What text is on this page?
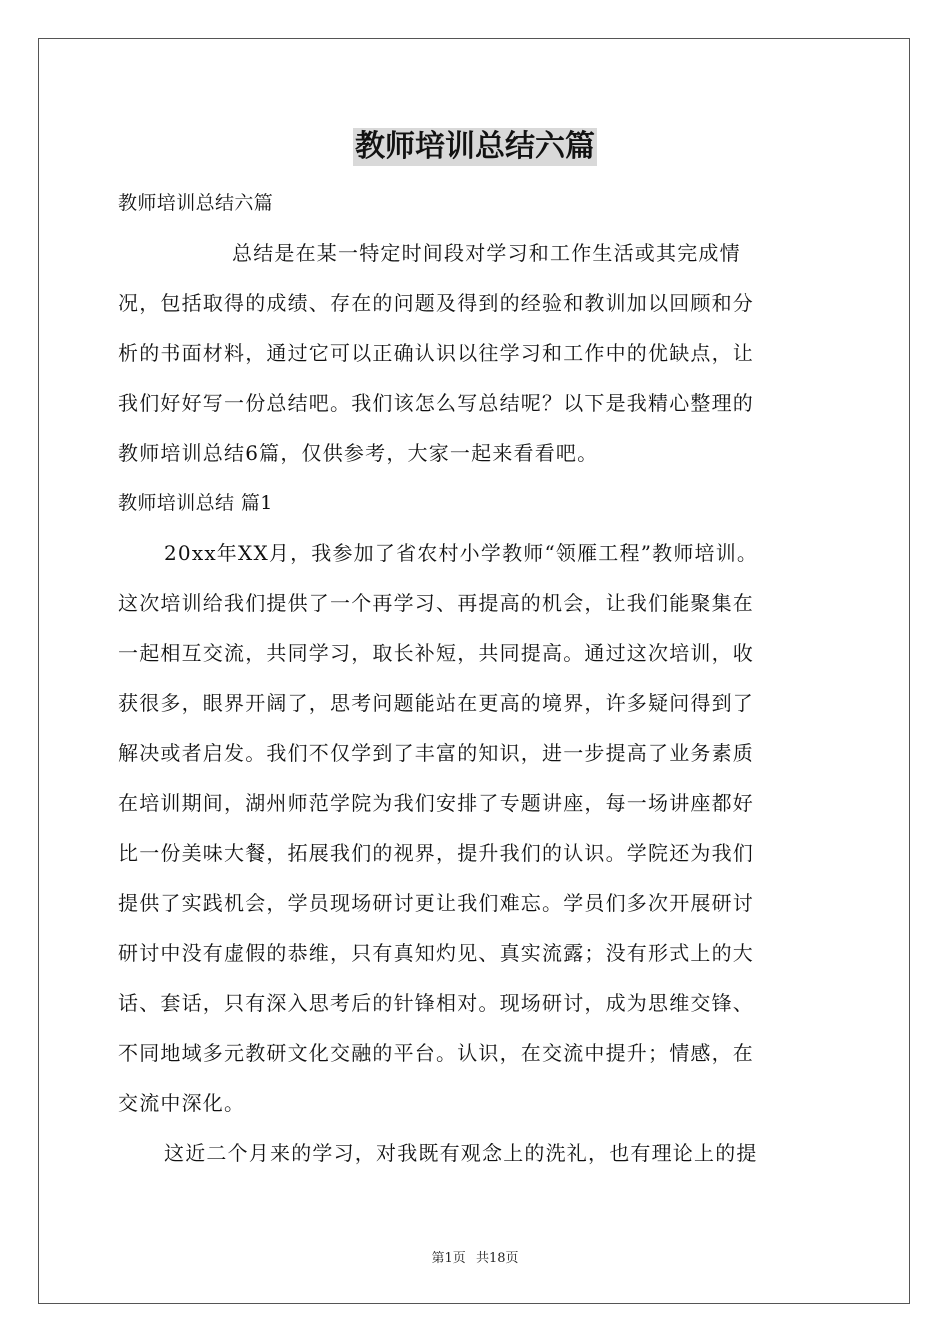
教师培训总结六篇
教师培训总结六篇
总结是在某一特定时间段对学习和工作生活或其完成情
况，包括取得的成绩、存在的问题及得到的经验和教训加以回顾和分
析的书面材料，通过它可以正确认识以往学习和工作中的优缺点，让
我们好好写一份总结吧。我们该怎么写总结呢？以下是我精心整理的
教师培训总结6篇，仅供参考，大家一起来看看吧。
教师培训总结 篇1
20xx年XX月，我参加了省农村小学教师“领雁工程”教师培训。
这次培训给我们提供了一个再学习、再提高的机会，让我们能聚集在
一起相互交流，共同学习，取长补短，共同提高。通过这次培训，收
获很多，眼界开阔了，思考问题能站在更高的境界，许多疑问得到了
解决或者启发。我们不仅学到了丰富的知识，进一步提高了业务素质
在培训期间，湖州师范学院为我们安排了专题讲座，每一场讲座都好
比一份美味大餐，拓展我们的视界，提升我们的认识。学院还为我们
提供了实践机会，学员现场研讨更让我们难忘。学员们多次开展研讨
研讨中没有虚假的恭维，只有真知灼见、真实流露；没有形式上的大
话、套话，只有深入思考后的针锋相对。现场研讨，成为思维交锋、
不同地域多元教研文化交融的平台。认识，在交流中提升；情感，在
交流中深化。
这近二个月来的学习，对我既有观念上的洗礼，也有理论上的提
第1页 共18页
